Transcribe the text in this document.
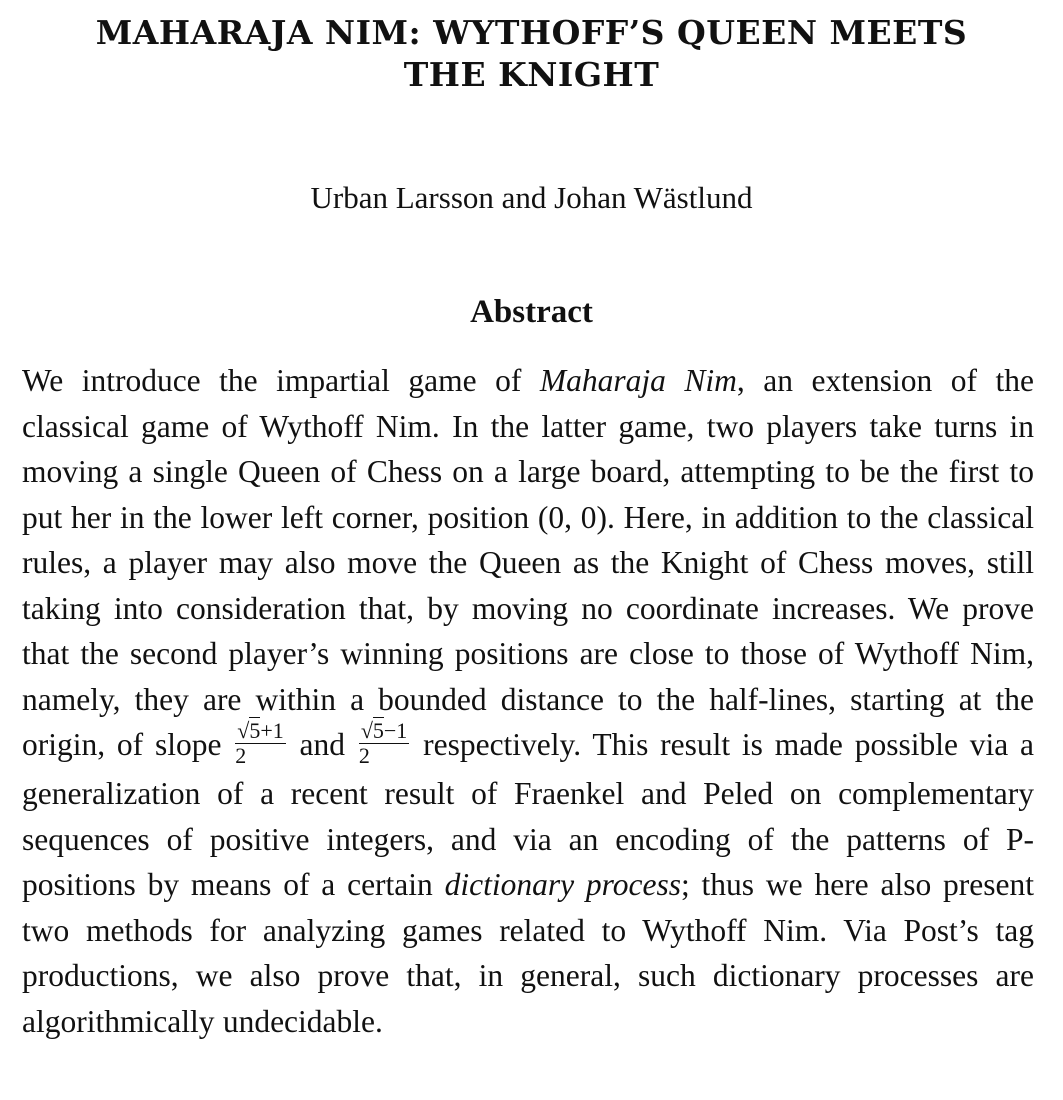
MAHARAJA NIM: WYTHOFF’S QUEEN MEETS
THE KNIGHT

Urban Larsson and Johan Wästlund

Abstract

We introduce the impartial game of Maharaja Nim, an extension of the classical game of Wythoff Nim. In the latter game, two players take turns in moving a single Queen of Chess on a large board, attempting to be the first to put her in the lower left corner, position (0, 0). Here, in addition to the classical rules, a player may also move the Queen as the Knight of Chess moves, still taking into consideration that, by moving no coordinate increases. We prove that the second player’s winning positions are close to those of Wythoff Nim, namely, they are within a bounded distance to the half-lines, starting at the origin, of slope $\frac{√5+1}{2}$ and $\frac{√5-1}{2}$ respectively. This result is made possible via a generalization of a recent result of Fraenkel and Peled on complementary sequences of positive integers, and via an encoding of the patterns of P-positions by means of a certain dictionary process; thus we here also present two methods for analyzing games related to Wythoff Nim. Via Post’s tag productions, we also prove that, in general, such dictionary processes are algorithmically undecidable.
